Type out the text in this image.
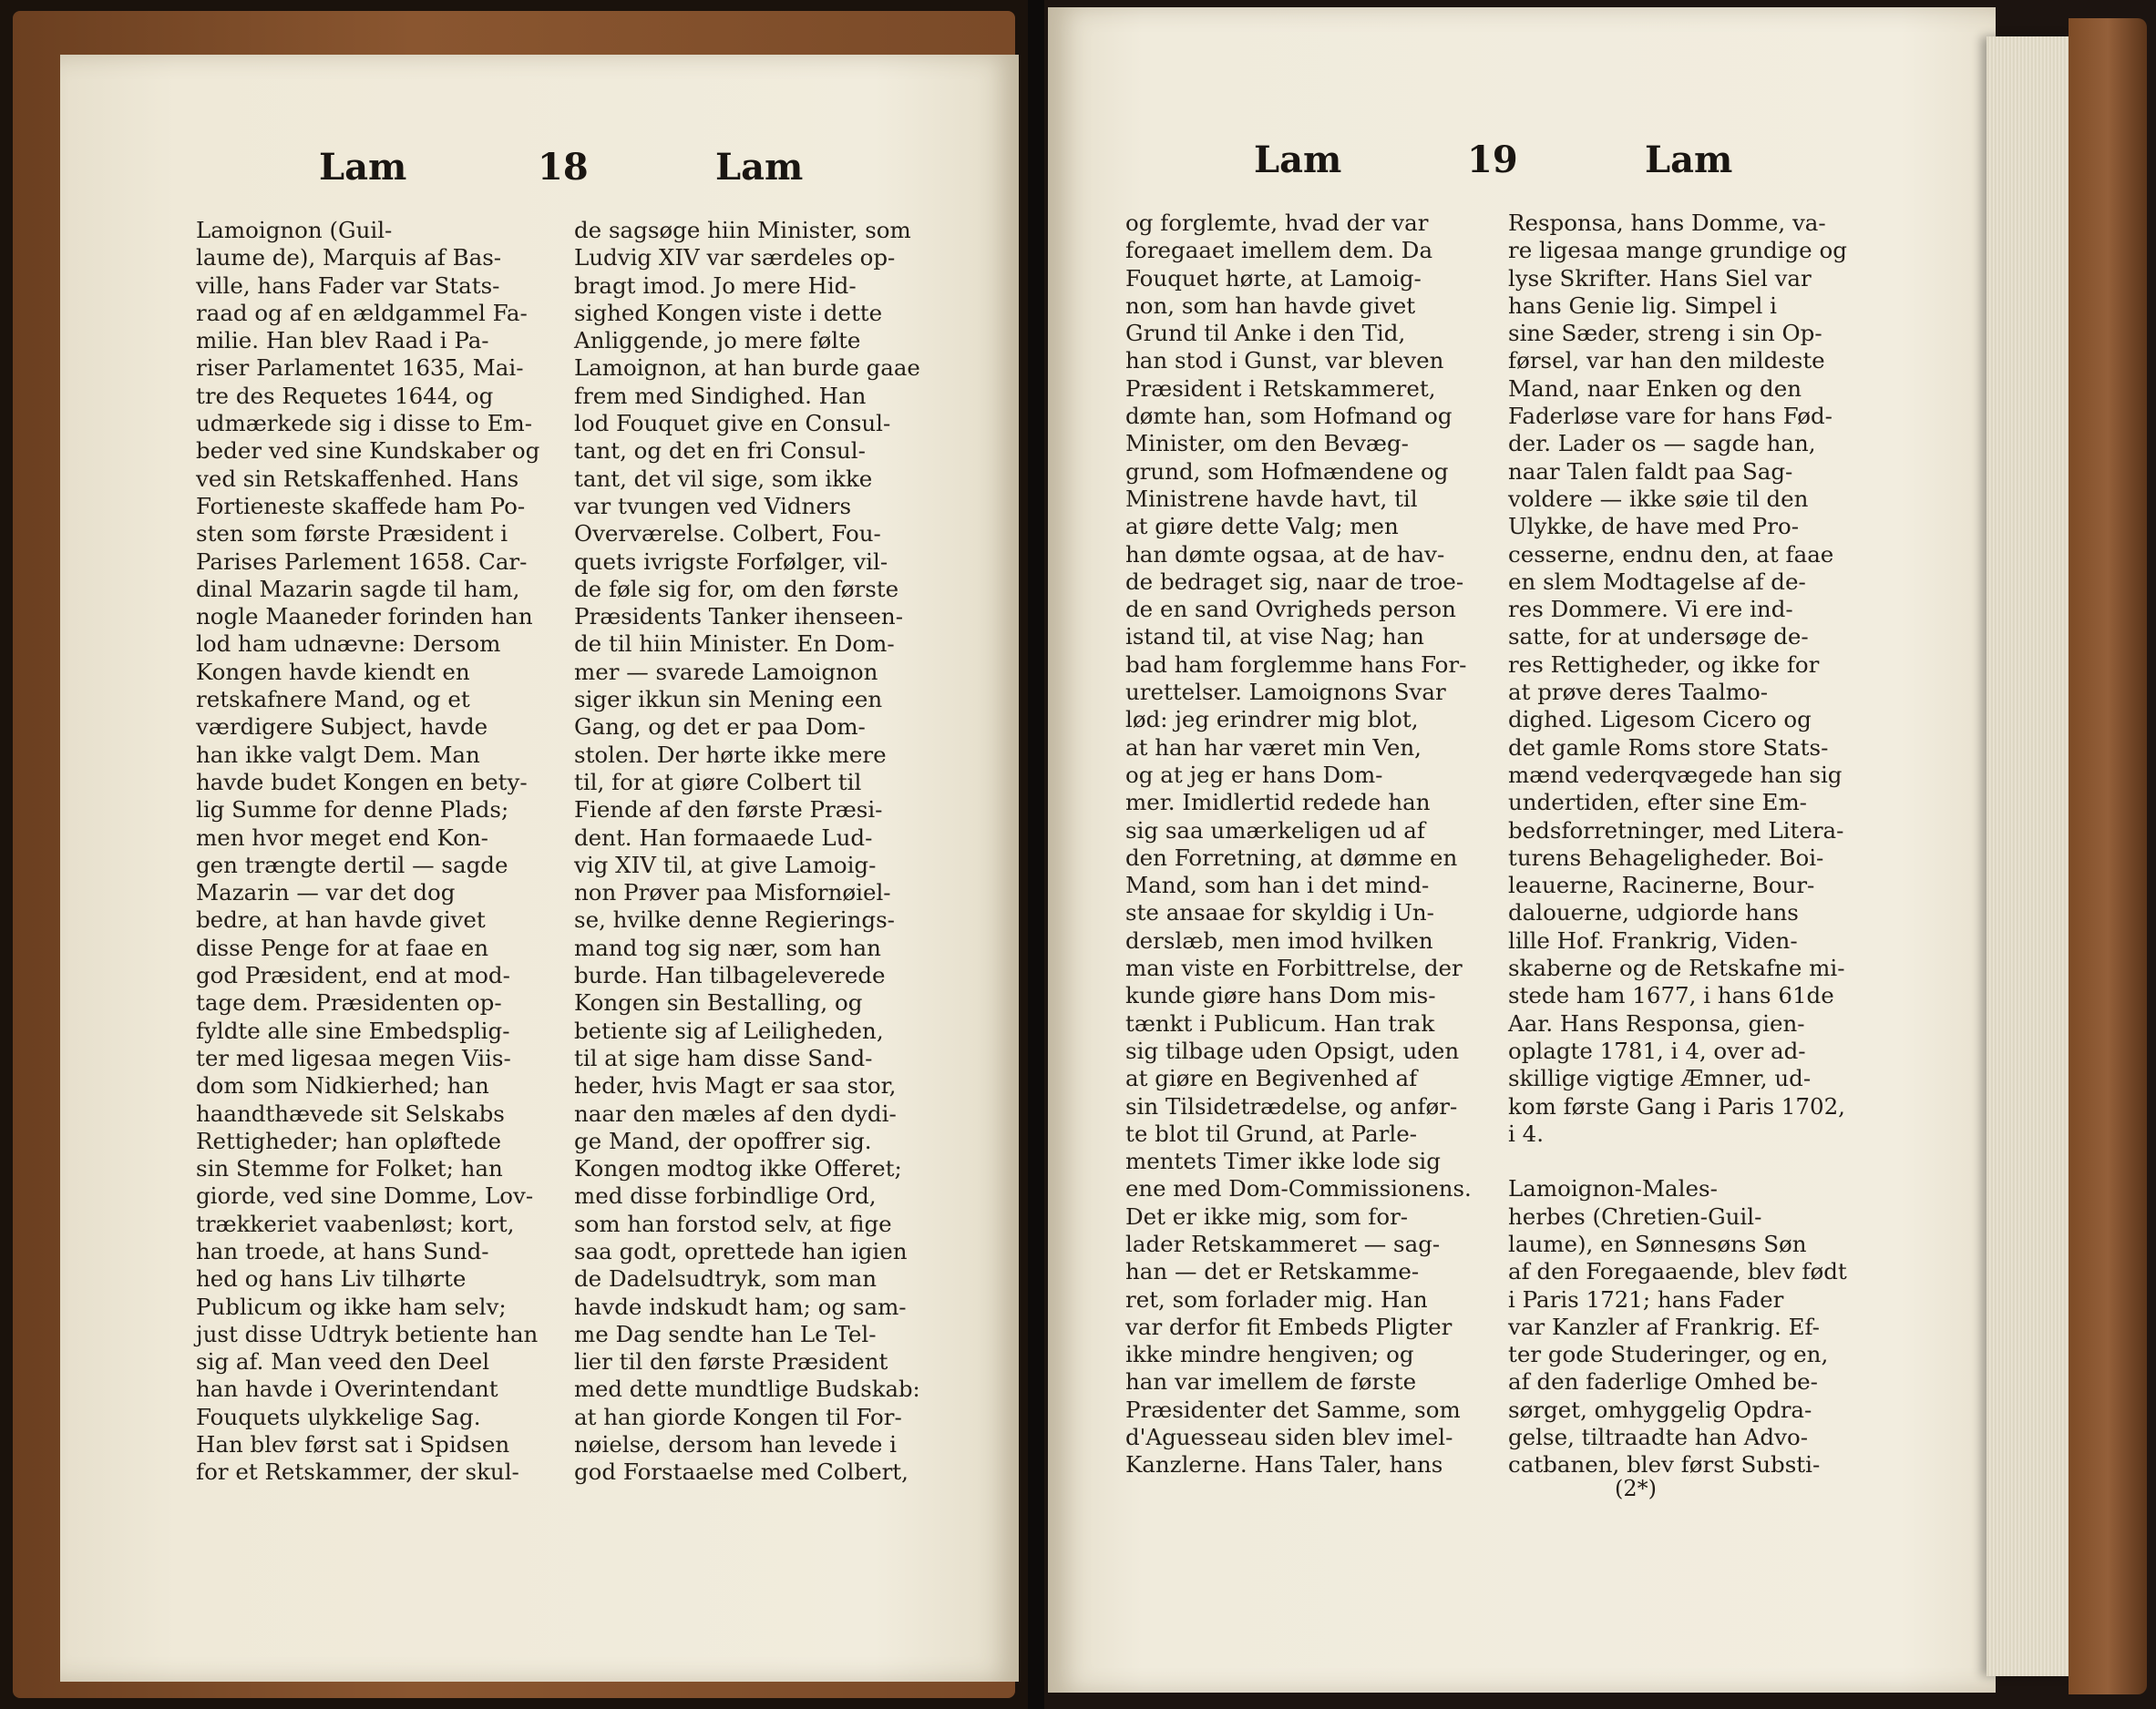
Lam	18	Lam	Lam	19	Lam
Lamoignon (Guil-
laume de), Marquis af Bas-
ville, hans Fader var Stats-
raad og af en ældgammel Fa-
milie. Han blev Raad i Pa-
riser Parlamentet 1635, Mai-
tre des Requetes 1644, og
udmærkede sig i disse to Em-
beder ved sine Kundskaber og
ved sin Retskaffenhed. Hans
Fortieneste skaffede ham Po-
sten som første Præsident i
Parises Parlement 1658. Car-
dinal Mazarin sagde til ham,
nogle Maaneder forinden han
lod ham udnævne: Dersom
Kongen havde kiendt en
retskafnere Mand, og et
værdigere Subject, havde
han ikke valgt Dem. Man
havde budet Kongen en bety-
lig Summe for denne Plads;
men hvor meget end Kon-
gen trængte dertil — sagde
Mazarin — var det dog
bedre, at han havde givet
disse Penge for at faae en
god Præsident, end at mod-
tage dem. Præsidenten op-
fyldte alle sine Embedsplig-
ter med ligesaa megen Viis-
dom som Nidkierhed; han
haandthævede sit Selskabs
Rettigheder; han opløftede
sin Stemme for Folket; han
giorde, ved sine Domme, Lov-
trækkeriet vaabenløst; kort,
han troede, at hans Sund-
hed og hans Liv tilhørte
Publicum og ikke ham selv;
just disse Udtryk betiente han
sig af. Man veed den Deel
han havde i Overintendant
Fouquets ulykkelige Sag.
Han blev først sat i Spidsen
for et Retskammer, der skul-
de sagsøge hiin Minister, som
Ludvig XIV var særdeles op-
bragt imod. Jo mere Hid-
sighed Kongen viste i dette
Anliggende, jo mere følte
Lamoignon, at han burde gaae
frem med Sindighed. Han
lod Fouquet give en Consul-
tant, og det en fri Consul-
tant, det vil sige, som ikke
var tvungen ved Vidners
Overværelse. Colbert, Fou-
quets ivrigste Forfølger, vil-
de føle sig for, om den første
Præsidents Tanker ihenseen-
de til hiin Minister. En Dom-
mer — svarede Lamoignon
siger ikkun sin Mening een
Gang, og det er paa Dom-
stolen. Der hørte ikke mere
til, for at giøre Colbert til
Fiende af den første Præsi-
dent. Han formaaede Lud-
vig XIV til, at give Lamoig-
non Prøver paa Misfornøiel-
se, hvilke denne Regierings-
mand tog sig nær, som han
burde. Han tilbageleverede
Kongen sin Bestalling, og
betiente sig af Leiligheden,
til at sige ham disse Sand-
heder, hvis Magt er saa stor,
naar den mæles af den dydi-
ge Mand, der opoffrer sig.
Kongen modtog ikke Offeret;
med disse forbindlige Ord,
som han forstod selv, at fige
saa godt, oprettede han igien
de Dadelsudtryk, som man
havde indskudt ham; og sam-
me Dag sendte han Le Tel-
lier til den første Præsident
med dette mundtlige Budskab:
at han giorde Kongen til For-
nøielse, dersom han levede i
god Forstaaelse med Colbert,
og forglemte, hvad der var
foregaaet imellem dem. Da
Fouquet hørte, at Lamoig-
non, som han havde givet
Grund til Anke i den Tid,
han stod i Gunst, var bleven
Præsident i Retskammeret,
dømte han, som Hofmand og
Minister, om den Bevæg-
grund, som Hofmændene og
Ministrene havde havt, til
at giøre dette Valg; men
han dømte ogsaa, at de hav-
de bedraget sig, naar de troe-
de en sand Ovrigheds person
istand til, at vise Nag; han
bad ham forglemme hans For-
urettelser. Lamoignons Svar
lød: jeg erindrer mig blot,
at han har været min Ven,
og at jeg er hans Dom-
mer. Imidlertid redede han
sig saa umærkeligen ud af
den Forretning, at dømme en
Mand, som han i det mind-
ste ansaae for skyldig i Un-
derslæb, men imod hvilken
man viste en Forbittrelse, der
kunde giøre hans Dom mis-
tænkt i Publicum. Han trak
sig tilbage uden Opsigt, uden
at giøre en Begivenhed af
sin Tilsidetrædelse, og anfør-
te blot til Grund, at Parle-
mentets Timer ikke lode sig
ene med Dom-Commissionens.
Det er ikke mig, som for-
lader Retskammeret — sag-
han — det er Retskamme-
ret, som forlader mig. Han
var derfor fit Embeds Pligter
ikke mindre hengiven; og
han var imellem de første
Præsidenter det Samme, som
d'Aguesseau siden blev imel-
Kanzlerne. Hans Taler, hans
Responsa, hans Domme, va-
re ligesaa mange grundige og
lyse Skrifter. Hans Siel var
hans Genie lig. Simpel i
sine Sæder, streng i sin Op-
førsel, var han den mildeste
Mand, naar Enken og den
Faderløse vare for hans Fød-
der. Lader os — sagde han,
naar Talen faldt paa Sag-
voldere — ikke søie til den
Ulykke, de have med Pro-
cesserne, endnu den, at faae
en slem Modtagelse af de-
res Dommere. Vi ere ind-
satte, for at undersøge de-
res Rettigheder, og ikke for
at prøve deres Taalmo-
dighed. Ligesom Cicero og
det gamle Roms store Stats-
mænd vederqvægede han sig
undertiden, efter sine Em-
bedsforretninger, med Litera-
turens Behageligheder. Boi-
leauerne, Racinerne, Bour-
dalouerne, udgiorde hans
lille Hof. Frankrig, Viden-
skaberne og de Retskafne mi-
stede ham 1677, i hans 61de
Aar. Hans Responsa, gien-
oplagte 1781, i 4, over ad-
skillige vigtige Æmner, ud-
kom første Gang i Paris 1702,
i 4.
Lamoignon-Males-
herbes (Chretien-Guil-
laume), en Sønnesøns Søn
af den Foregaaende, blev født
i Paris 1721; hans Fader
var Kanzler af Frankrig. Ef-
ter gode Studeringer, og en,
af den faderlige Omhed be-
sørget, omhyggelig Opdra-
gelse, tiltraadte han Advo-
catbanen, blev først Substi-
(2*)
